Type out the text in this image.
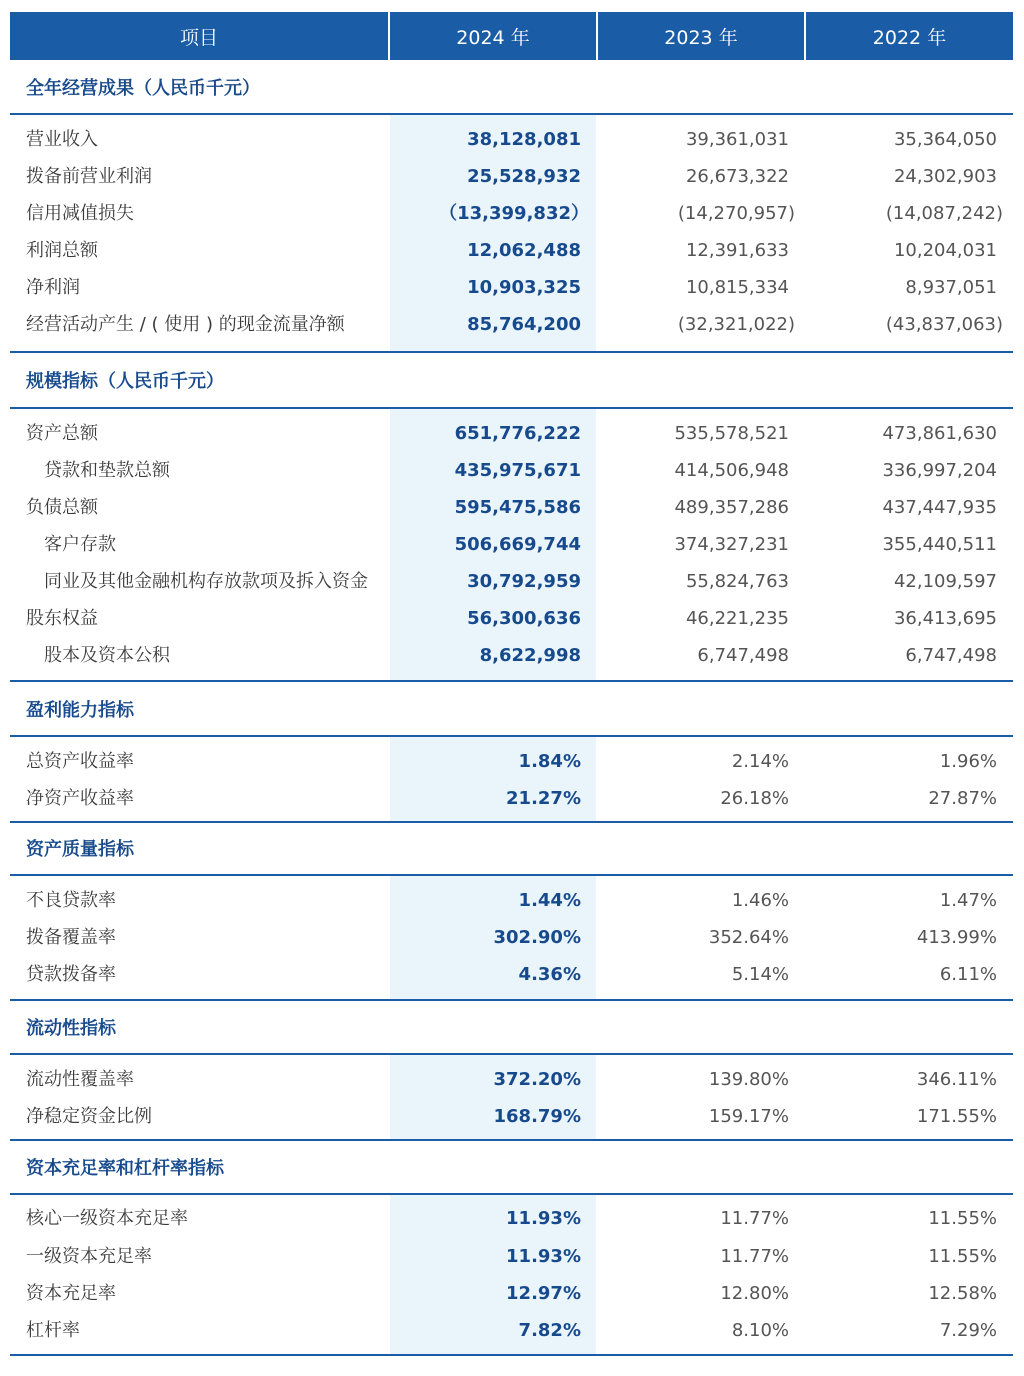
项目	2024 年	2023 年	2022 年
全年经营成果（人民币千元）
营业收入	38,128,081	39,361,031	35,364,050
拨备前营业利润	25,528,932	26,673,322	24,302,903
信用减值损失	（13,399,832）	(14,270,957)	(14,087,242)
利润总额	12,062,488	12,391,633	10,204,031
净利润	10,903,325	10,815,334	8,937,051
经营活动产生 / ( 使用 ) 的现金流量净额	85,764,200	(32,321,022)	(43,837,063)
规模指标（人民币千元）
资产总额	651,776,222	535,578,521	473,861,630
贷款和垫款总额	435,975,671	414,506,948	336,997,204
负债总额	595,475,586	489,357,286	437,447,935
客户存款	506,669,744	374,327,231	355,440,511
同业及其他金融机构存放款项及拆入资金	30,792,959	55,824,763	42,109,597
股东权益	56,300,636	46,221,235	36,413,695
股本及资本公积	8,622,998	6,747,498	6,747,498
盈利能力指标
总资产收益率	1.84%	2.14%	1.96%
净资产收益率	21.27%	26.18%	27.87%
资产质量指标
不良贷款率	1.44%	1.46%	1.47%
拨备覆盖率	302.90%	352.64%	413.99%
贷款拨备率	4.36%	5.14%	6.11%
流动性指标
流动性覆盖率	372.20%	139.80%	346.11%
净稳定资金比例	168.79%	159.17%	171.55%
资本充足率和杠杆率指标
核心一级资本充足率	11.93%	11.77%	11.55%
一级资本充足率	11.93%	11.77%	11.55%
资本充足率	12.97%	12.80%	12.58%
杠杆率	7.82%	8.10%	7.29%
